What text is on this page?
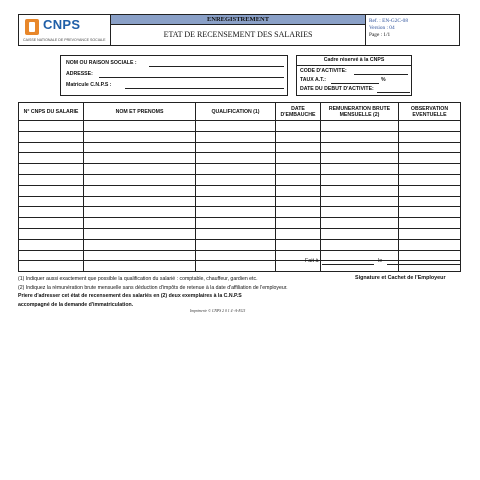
CNPS
CAISSE NATIONALE DE PREVOYANCE SOCIALE
ENREGISTREMENT
ETAT DE RECENSEMENT DES SALARIES
Ref. : EN-G2C-08
Version : 04
Page : 1/1
NOM OU RAISON SOCIALE :
ADRESSE:
Matricule C.N.P.S :
Cadre réservé à la CNPS
CODE D'ACTIVITE:
TAUX A.T.:	%
DATE DU DEBUT D'ACTIVITE:
N° CNPS DU SALARIE	NOM ET PRENOMS	QUALIFICATION (1)	DATE D'EMBAUCHE	REMUNERATION BRUTE MENSUELLE (2)	OBSERVATION EVENTUELLE

Fait à	le
Signature et Cachet de l'Employeur
(1) Indiquer aussi exactement que possible la qualification du salarié : comptable, chauffeur, gardien etc.
(2) Indiquez la rémunération brute mensuelle sans déduction d'impôts de retenue à la date d'affiliation de l'employeur.
Priere d'adresser cet état de recensement des salariés en (2) deux exemplaires à la C.N.P.S
accompagné de la demande d'immatriculation.
Imprimerie © CNPS 2 0 1 4 -A-EG5
